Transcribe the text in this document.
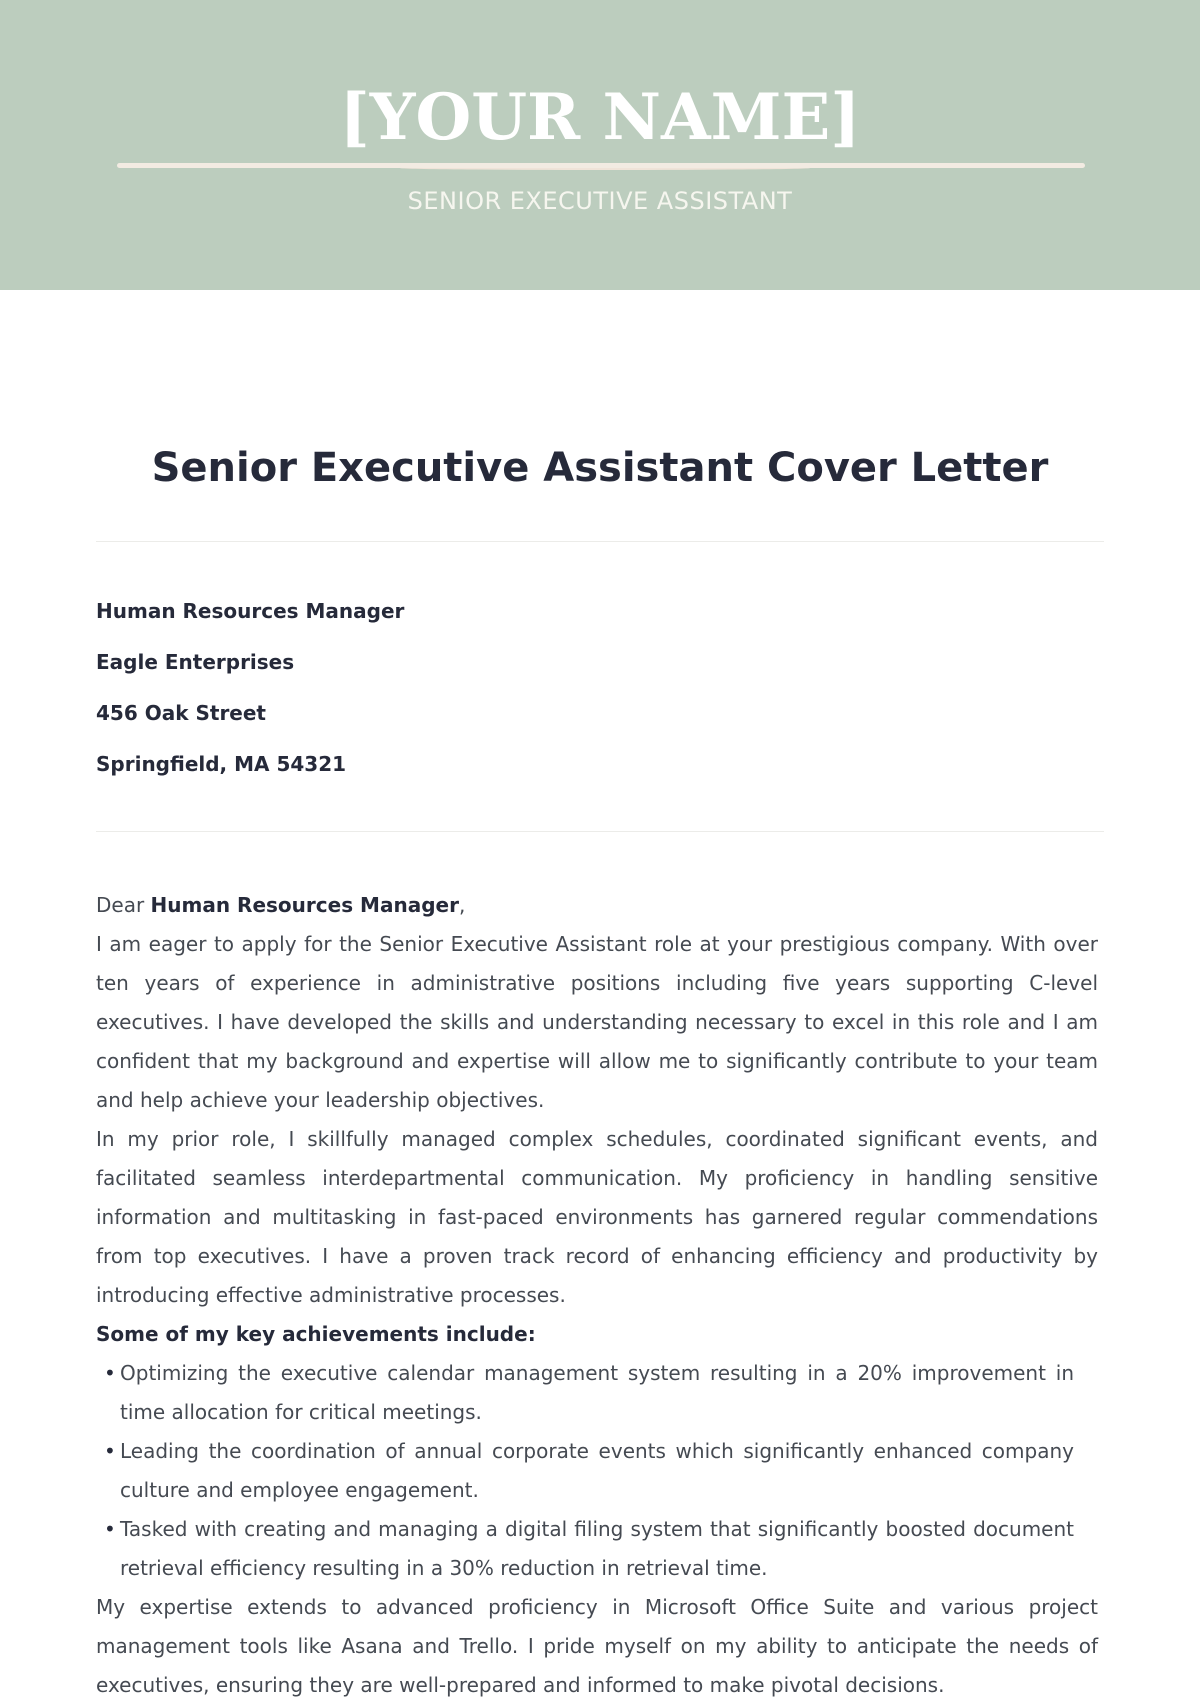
[YOUR NAME]
SENIOR EXECUTIVE ASSISTANT
Senior Executive Assistant Cover Letter
Human Resources Manager
Eagle Enterprises
456 Oak Street
Springfield, MA 54321

Dear Human Resources Manager,

I am eager to apply for the Senior Executive Assistant role at your prestigious company. With over ten years of experience in administrative positions including five years supporting C-level executives. I have developed the skills and understanding necessary to excel in this role and I am confident that my background and expertise will allow me to significantly contribute to your team and help achieve your leadership objectives.

In my prior role, I skillfully managed complex schedules, coordinated significant events, and facilitated seamless interdepartmental communication. My proficiency in handling sensitive information and multitasking in fast-paced environments has garnered regular commendations from top executives. I have a proven track record of enhancing efficiency and productivity by introducing effective administrative processes.

Some of my key achievements include:

• Optimizing the executive calendar management system resulting in a 20% improvement in time allocation for critical meetings.
• Leading the coordination of annual corporate events which significantly enhanced company culture and employee engagement.
• Tasked with creating and managing a digital filing system that significantly boosted document retrieval efficiency resulting in a 30% reduction in retrieval time.

My expertise extends to advanced proficiency in Microsoft Office Suite and various project management tools like Asana and Trello. I pride myself on my ability to anticipate the needs of executives, ensuring they are well-prepared and informed to make pivotal decisions.
